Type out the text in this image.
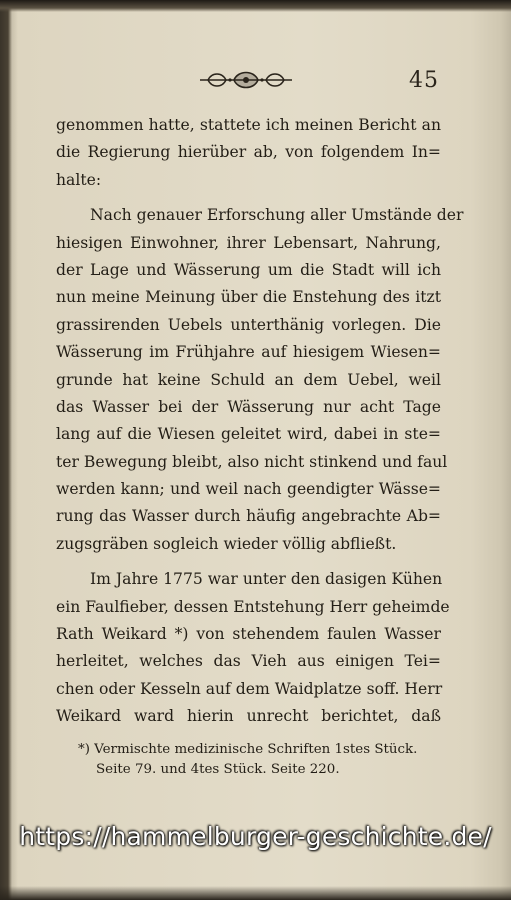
45
genommen hatte, stattete ich meinen Bericht an
die Regierung hierüber ab, von folgendem In=
halte:
Nach genauer Erforschung aller Umstände der
hiesigen Einwohner, ihrer Lebensart, Nahrung,
der Lage und Wässerung um die Stadt will ich
nun meine Meinung über die Enstehung des itzt
grassirenden Uebels unterthänig vorlegen. Die
Wässerung im Frühjahre auf hiesigem Wiesen=
grunde hat keine Schuld an dem Uebel, weil
das Wasser bei der Wässerung nur acht Tage
lang auf die Wiesen geleitet wird, dabei in ste=
ter Bewegung bleibt, also nicht stinkend und faul
werden kann; und weil nach geendigter Wässe=
rung das Wasser durch häufig angebrachte Ab=
zugsgräben sogleich wieder völlig abfließt.
Im Jahre 1775 war unter den dasigen Kühen
ein Faulfieber, dessen Entstehung Herr geheimde
Rath Weikard *) von stehendem faulen Wasser
herleitet, welches das Vieh aus einigen Tei=
chen oder Kesseln auf dem Waidplatze soff. Herr
Weikard ward hierin unrecht berichtet, daß
*) Vermischte medizinische Schriften 1stes Stück.
Seite 79. und 4tes Stück. Seite 220.
https://hammelburger-geschichte.de/
